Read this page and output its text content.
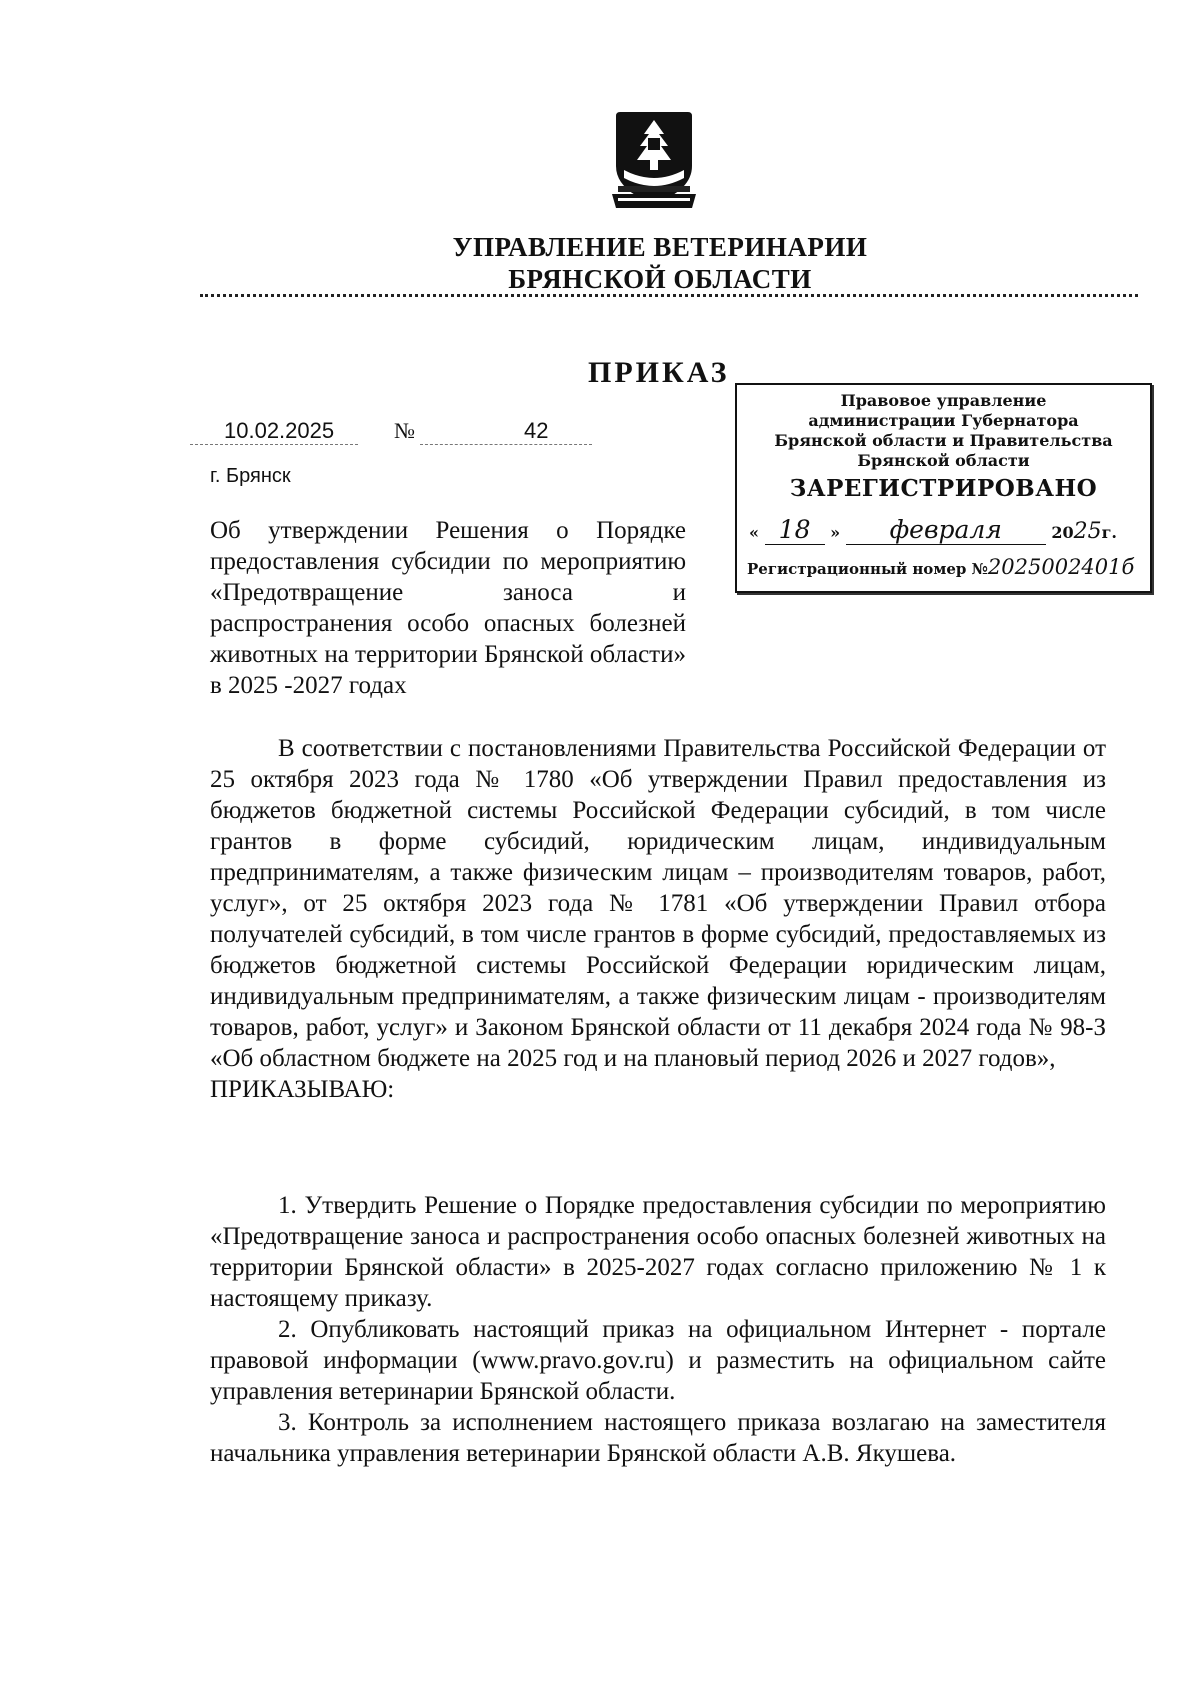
УПРАВЛЕНИЕ ВЕТЕРИНАРИИ
БРЯНСКОЙ ОБЛАСТИ
ПРИКАЗ
10.02.2025	№	42
г. Брянск
Об утверждении Решения о Порядке предоставления субсидии по мероприятию «Предотвращение заноса и распространения особо опасных болезней животных на территории Брянской области» в 2025 -2027 годах
Правовое управление
администрации Губернатора
Брянской области и Правительства
Брянской области
ЗАРЕГИСТРИРОВАНО
« 18 » февраля	2025г.
Регистрационный номер №2025002401б

В соответствии с постановлениями Правительства Российской Федерации от 25 октября 2023 года № 1780 «Об утверждении Правил предоставления из бюджетов бюджетной системы Российской Федерации субсидий, в том числе грантов в форме субсидий, юридическим лицам, индивидуальным предпринимателям, а также физическим лицам – производителям товаров, работ, услуг», от 25 октября 2023 года № 1781 «Об утверждении Правил отбора получателей субсидий, в том числе грантов в форме субсидий, предоставляемых из бюджетов бюджетной системы Российской Федерации юридическим лицам, индивидуальным предпринимателям, а также физическим лицам - производителям товаров, работ, услуг» и Законом Брянской области от 11 декабря 2024 года № 98-З «Об областном бюджете на 2025 год и на плановый период 2026 и 2027 годов»,

ПРИКАЗЫВАЮ:

1. Утвердить Решение о Порядке предоставления субсидии по мероприятию «Предотвращение заноса и распространения особо опасных болезней животных на территории Брянской области» в 2025-2027 годах согласно приложению № 1 к настоящему приказу.

2. Опубликовать настоящий приказ на официальном Интернет - портале правовой информации (www.pravo.gov.ru) и разместить на официальном сайте управления ветеринарии Брянской области.

3. Контроль за исполнением настоящего приказа возлагаю на заместителя начальника управления ветеринарии Брянской области А.В. Якушева.
